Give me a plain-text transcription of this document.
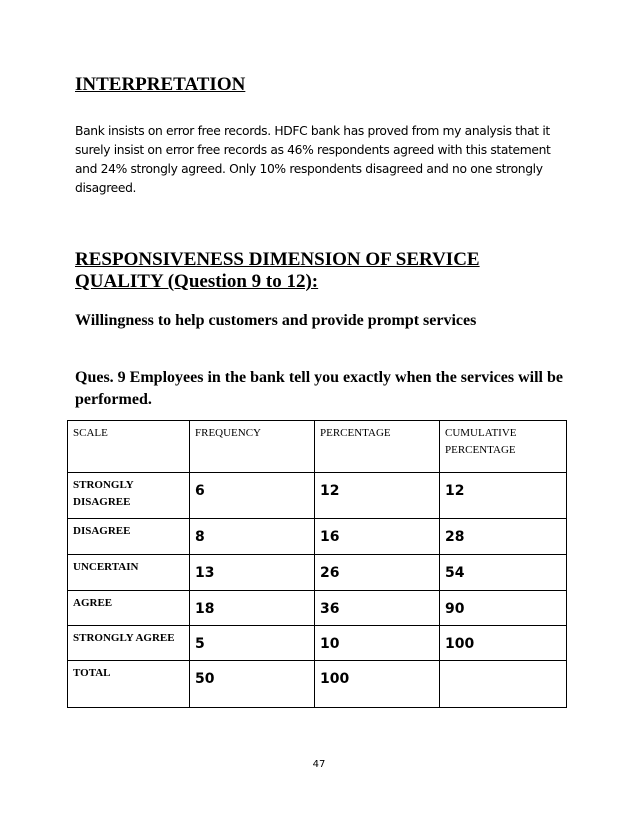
INTERPRETATION

Bank insists on error free records. HDFC bank has proved from my analysis that it surely insist on error free records as 46% respondents agreed with this statement and 24% strongly agreed. Only 10% respondents disagreed and no one strongly disagreed.

RESPONSIVENESS DIMENSION OF SERVICE QUALITY (Question 9 to 12):

Willingness to help customers and provide prompt services

Ques. 9 Employees in the bank tell you exactly when the services will be performed.

SCALE	FREQUENCY	PERCENTAGE	CUMULATIVE PERCENTAGE
STRONGLY DISAGREE	6	12	12
DISAGREE	8	16	28
UNCERTAIN	13	26	54
AGREE	18	36	90
STRONGLY AGREE	5	10	100
TOTAL	50	100	
47
